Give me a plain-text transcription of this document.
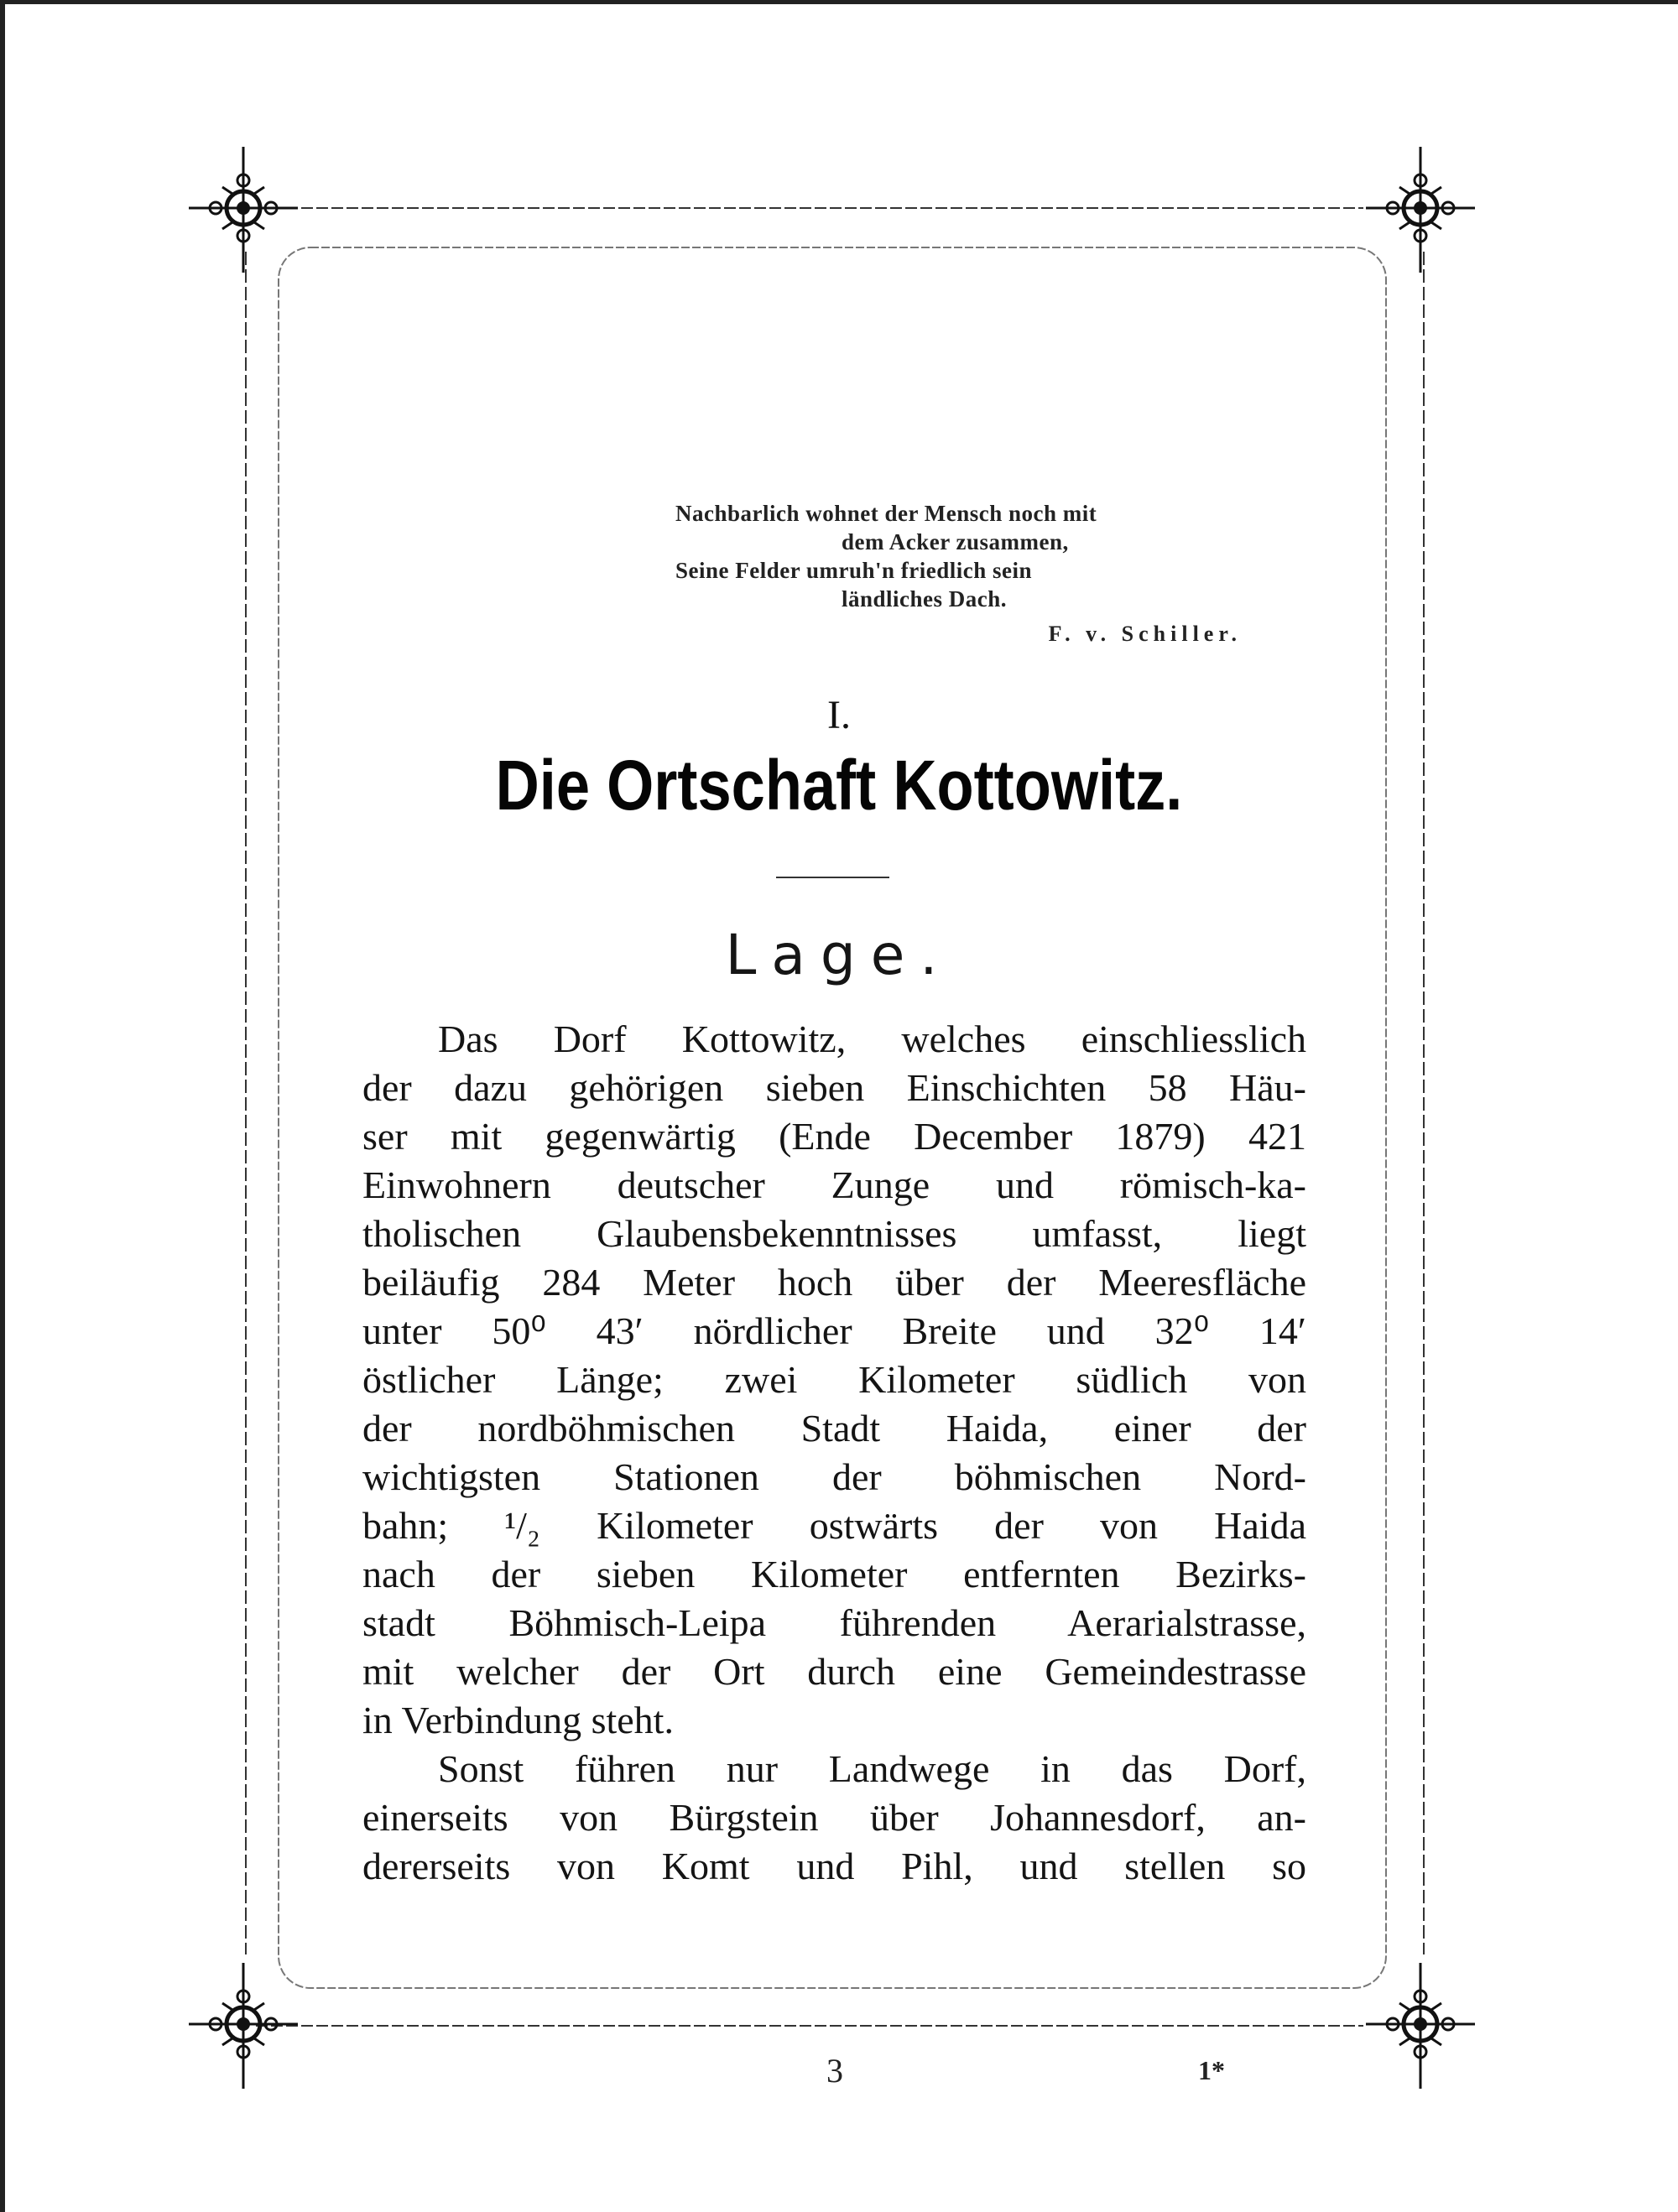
Nachbarlich wohnet der Mensch noch mit
dem Acker zusammen,
Seine Felder umruh'n friedlich sein
ländliches Dach.
F. v. Schiller.
I.
Die Ortschaft Kottowitz.
Lage.
Das Dorf Kottowitz, welches einschliesslich
der dazu gehörigen sieben Einschichten 58 Häu-
ser mit gegenwärtig (Ende December 1879) 421
Einwohnern deutscher Zunge und römisch-ka-
tholischen Glaubensbekenntnisses umfasst, liegt
beiläufig 284 Meter hoch über der Meeresfläche
unter 50⁰ 43′ nördlicher Breite und 32⁰ 14′
östlicher Länge; zwei Kilometer südlich von
der nordböhmischen Stadt Haida, einer der
wichtigsten Stationen der böhmischen Nord-
bahn; ¹/₂ Kilometer ostwärts der von Haida
nach der sieben Kilometer entfernten Bezirks-
stadt Böhmisch-Leipa führenden Aerarialstrasse,
mit welcher der Ort durch eine Gemeindestrasse
in Verbindung steht.
Sonst führen nur Landwege in das Dorf,
einerseits von Bürgstein über Johannesdorf, an-
dererseits von Komt und Pihl, und stellen so
3	1*
